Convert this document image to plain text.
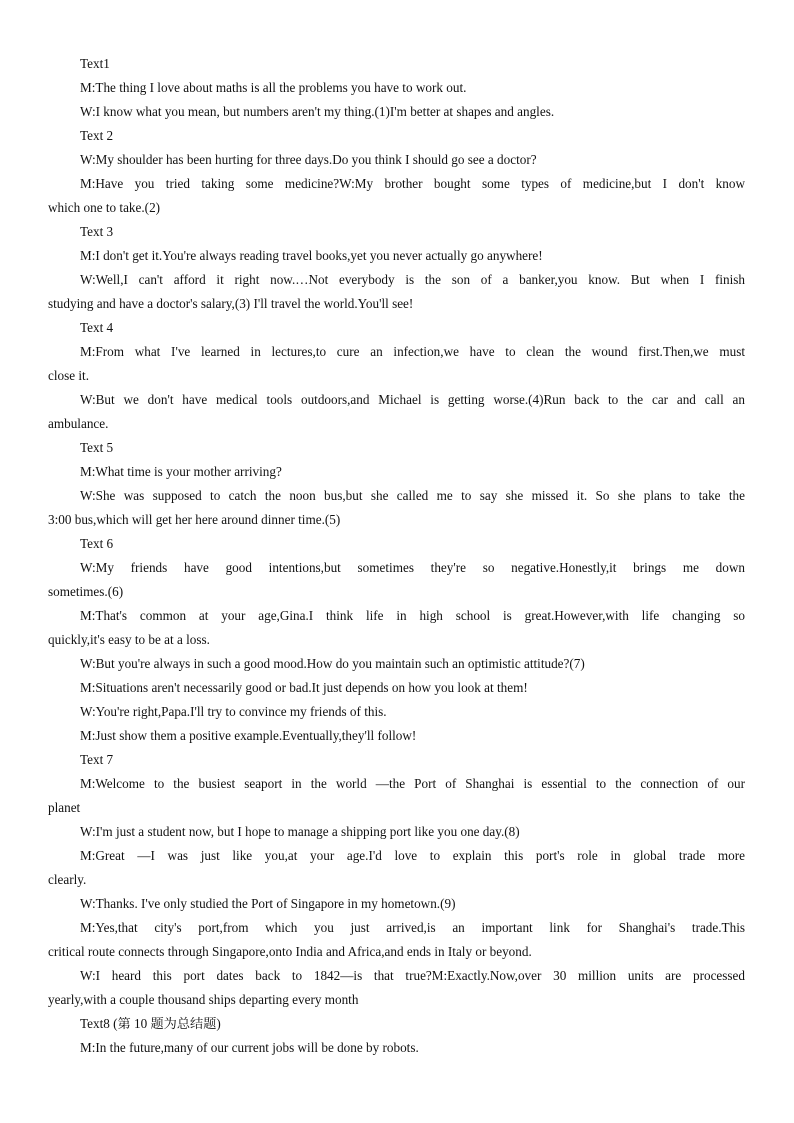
Text1
M:The thing I love about maths is all the problems you have to work out.
W:I know what you mean, but numbers aren't my thing.(1)I'm better at shapes and angles.
Text 2
W:My shoulder has been hurting for three days.Do you think I should go see a doctor?
M:Have you tried taking some medicine?W:My brother bought some types of medicine,but I don't know
which one to take.(2)
Text 3
M:I don't get it.You're always reading travel books,yet you never actually go anywhere!
W:Well,I can't afford it right now.…Not everybody is the son of a banker,you know. But when I finish
studying and have a doctor's salary,(3) I'll travel the world.You'll see!
Text 4
M:From what I've learned in lectures,to cure an infection,we have to clean the wound first.Then,we must
close it.
W:But we don't have medical tools outdoors,and Michael is getting worse.(4)Run back to the car and call an
ambulance.
Text 5
M:What time is your mother arriving?
W:She was supposed to catch the noon bus,but she called me to say she missed it. So she plans to take the
3:00 bus,which will get her here around dinner time.(5)
Text 6
W:My friends have good intentions,but sometimes they're so negative.Honestly,it brings me down
sometimes.(6)
M:That's common at your age,Gina.I think life in high school is great.However,with life changing so
quickly,it's easy to be at a loss.
W:But you're always in such a good mood.How do you maintain such an optimistic attitude?(7)
M:Situations aren't necessarily good or bad.It just depends on how you look at them!
W:You're right,Papa.I'll try to convince my friends of this.
M:Just show them a positive example.Eventually,they'll follow!
Text 7
M:Welcome to the busiest seaport in the world —the Port of Shanghai is essential to the connection of our
planet
W:I'm just a student now, but I hope to manage a shipping port like you one day.(8)
M:Great —I was just like you,at your age.I'd love to explain this port's role in global trade more
clearly.
W:Thanks. I've only studied the Port of Singapore in my hometown.(9)
M:Yes,that city's port,from which you just arrived,is an important link for Shanghai's trade.This
critical route connects through Singapore,onto India and Africa,and ends in Italy or beyond.
W:I heard this port dates back to 1842—is that true?M:Exactly.Now,over 30 million units are processed
yearly,with a couple thousand ships departing every month
Text8 (第 10 题为总结题)
M:In the future,many of our current jobs will be done by robots.
